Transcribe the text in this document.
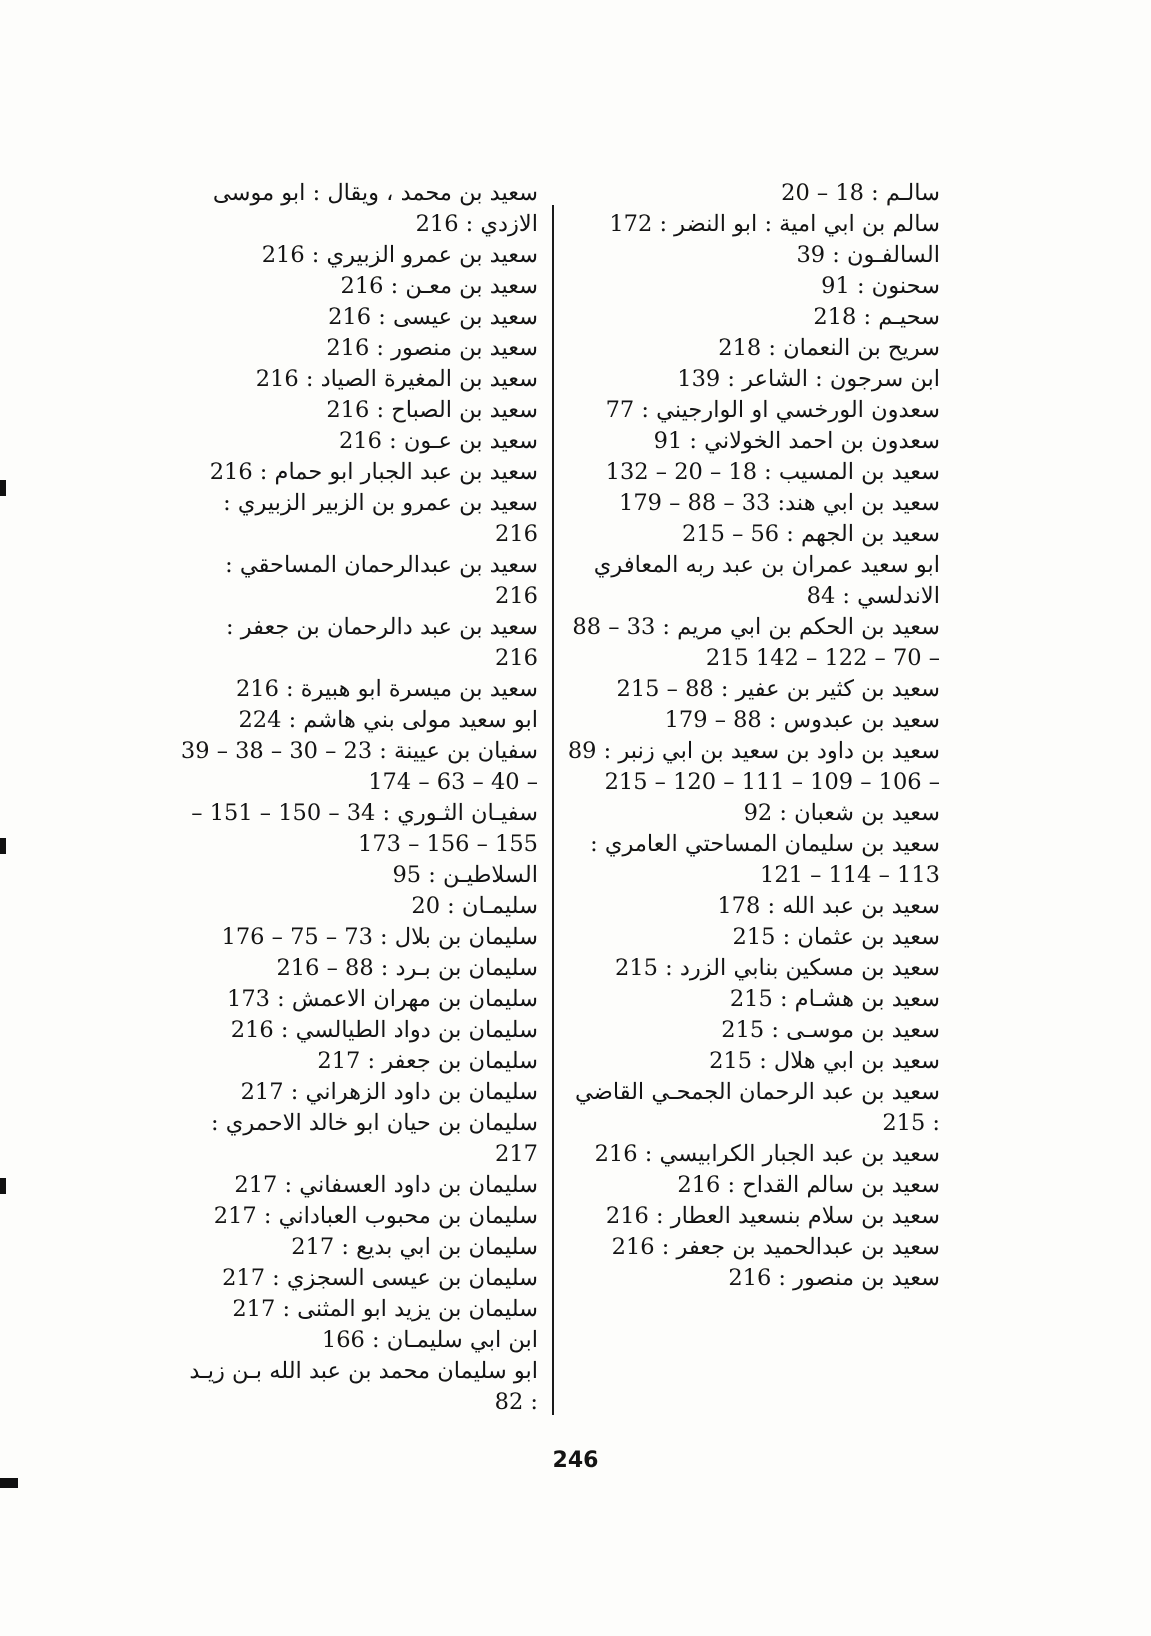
سالـم : 18 – 20
سالم بن ابي امية : ابو النضر : 172
السالفـون : 39
سحنون : 91
سحيـم : 218
سريح بن النعمان : 218
ابن سرجون : الشاعر : 139
سعدون الورخسي او الوارجيني : 77
سعدون بن احمد الخولاني : 91
سعيد بن المسيب : 18 – 20 – 132
سعيد بن ابي هند: 33 – 88 – 179
سعيد بن الجهم : 56 – 215
ابو سعيد عمران بن عبد ربه المعافري الاندلسي : 84
سعيد بن الحكم بن ابي مريم : 33 – 88 – 70 – 122 – 142 215
سعيد بن كثير بن عفير : 88 – 215
سعيد بن عبدوس : 88 – 179
سعيد بن داود بن سعيد بن ابي زنبر : 89 – 106 – 109 – 111 – 120 – 215
سعيد بن شعبان : 92
سعيد بن سليمان المساحتي العامري : 113 – 114 – 121
سعيد بن عبد الله : 178
سعيد بن عثمان : 215
سعيد بن مسكين بنابي الزرد : 215
سعيد بن هشـام : 215
سعيد بن موسـى : 215
سعيد بن ابي هلال : 215
سعيد بن عبد الرحمان الجمحـي القاضي : 215
سعيد بن عبد الجبار الكرابيسي : 216
سعيد بن سالم القداح : 216
سعيد بن سلام بنسعيد العطار : 216
سعيد بن عبدالحميد بن جعفر : 216
سعيد بن منصور : 216
سعيد بن محمد ، ويقال : ابو موسى الازدي : 216
سعيد بن عمرو الزبيري : 216
سعيد بن معـن : 216
سعيد بن عيسى : 216
سعيد بن منصور : 216
سعيد بن المغيرة الصياد : 216
سعيد بن الصباح : 216
سعيد بن عـون : 216
سعيد بن عبد الجبار ابو حمام : 216
سعيد بن عمرو بن الزبير الزبيري : 216
سعيد بن عبدالرحمان المساحقي : 216
سعيد بن عبد دالرحمان بن جعفر : 216
سعيد بن ميسرة ابو هبيرة : 216
ابو سعيد مولى بني هاشم : 224
سفيان بن عيينة : 23 – 30 – 38 – 39 – 40 – 63 – 174
سفيـان الثـوري : 34 – 150 – 151 – 155 – 156 – 173
السلاطيـن : 95
سليمـان : 20
سليمان بن بلال : 73 – 75 – 176
سليمان بن بـرد : 88 – 216
سليمان بن مهران الاعمش : 173
سليمان بن دواد الطيالسي : 216
سليمان بن جعفر : 217
سليمان بن داود الزهراني : 217
سليمان بن حيان ابو خالد الاحمري : 217
سليمان بن داود العسفاني : 217
سليمان بن محبوب العباداني : 217
سليمان بن ابي بديع : 217
سليمان بن عيسى السجزي : 217
سليمان بن يزيد ابو المثنى : 217
ابن ابي سليمـان : 166
ابو سليمان محمد بن عبد الله بـن زيـد : 82
246
